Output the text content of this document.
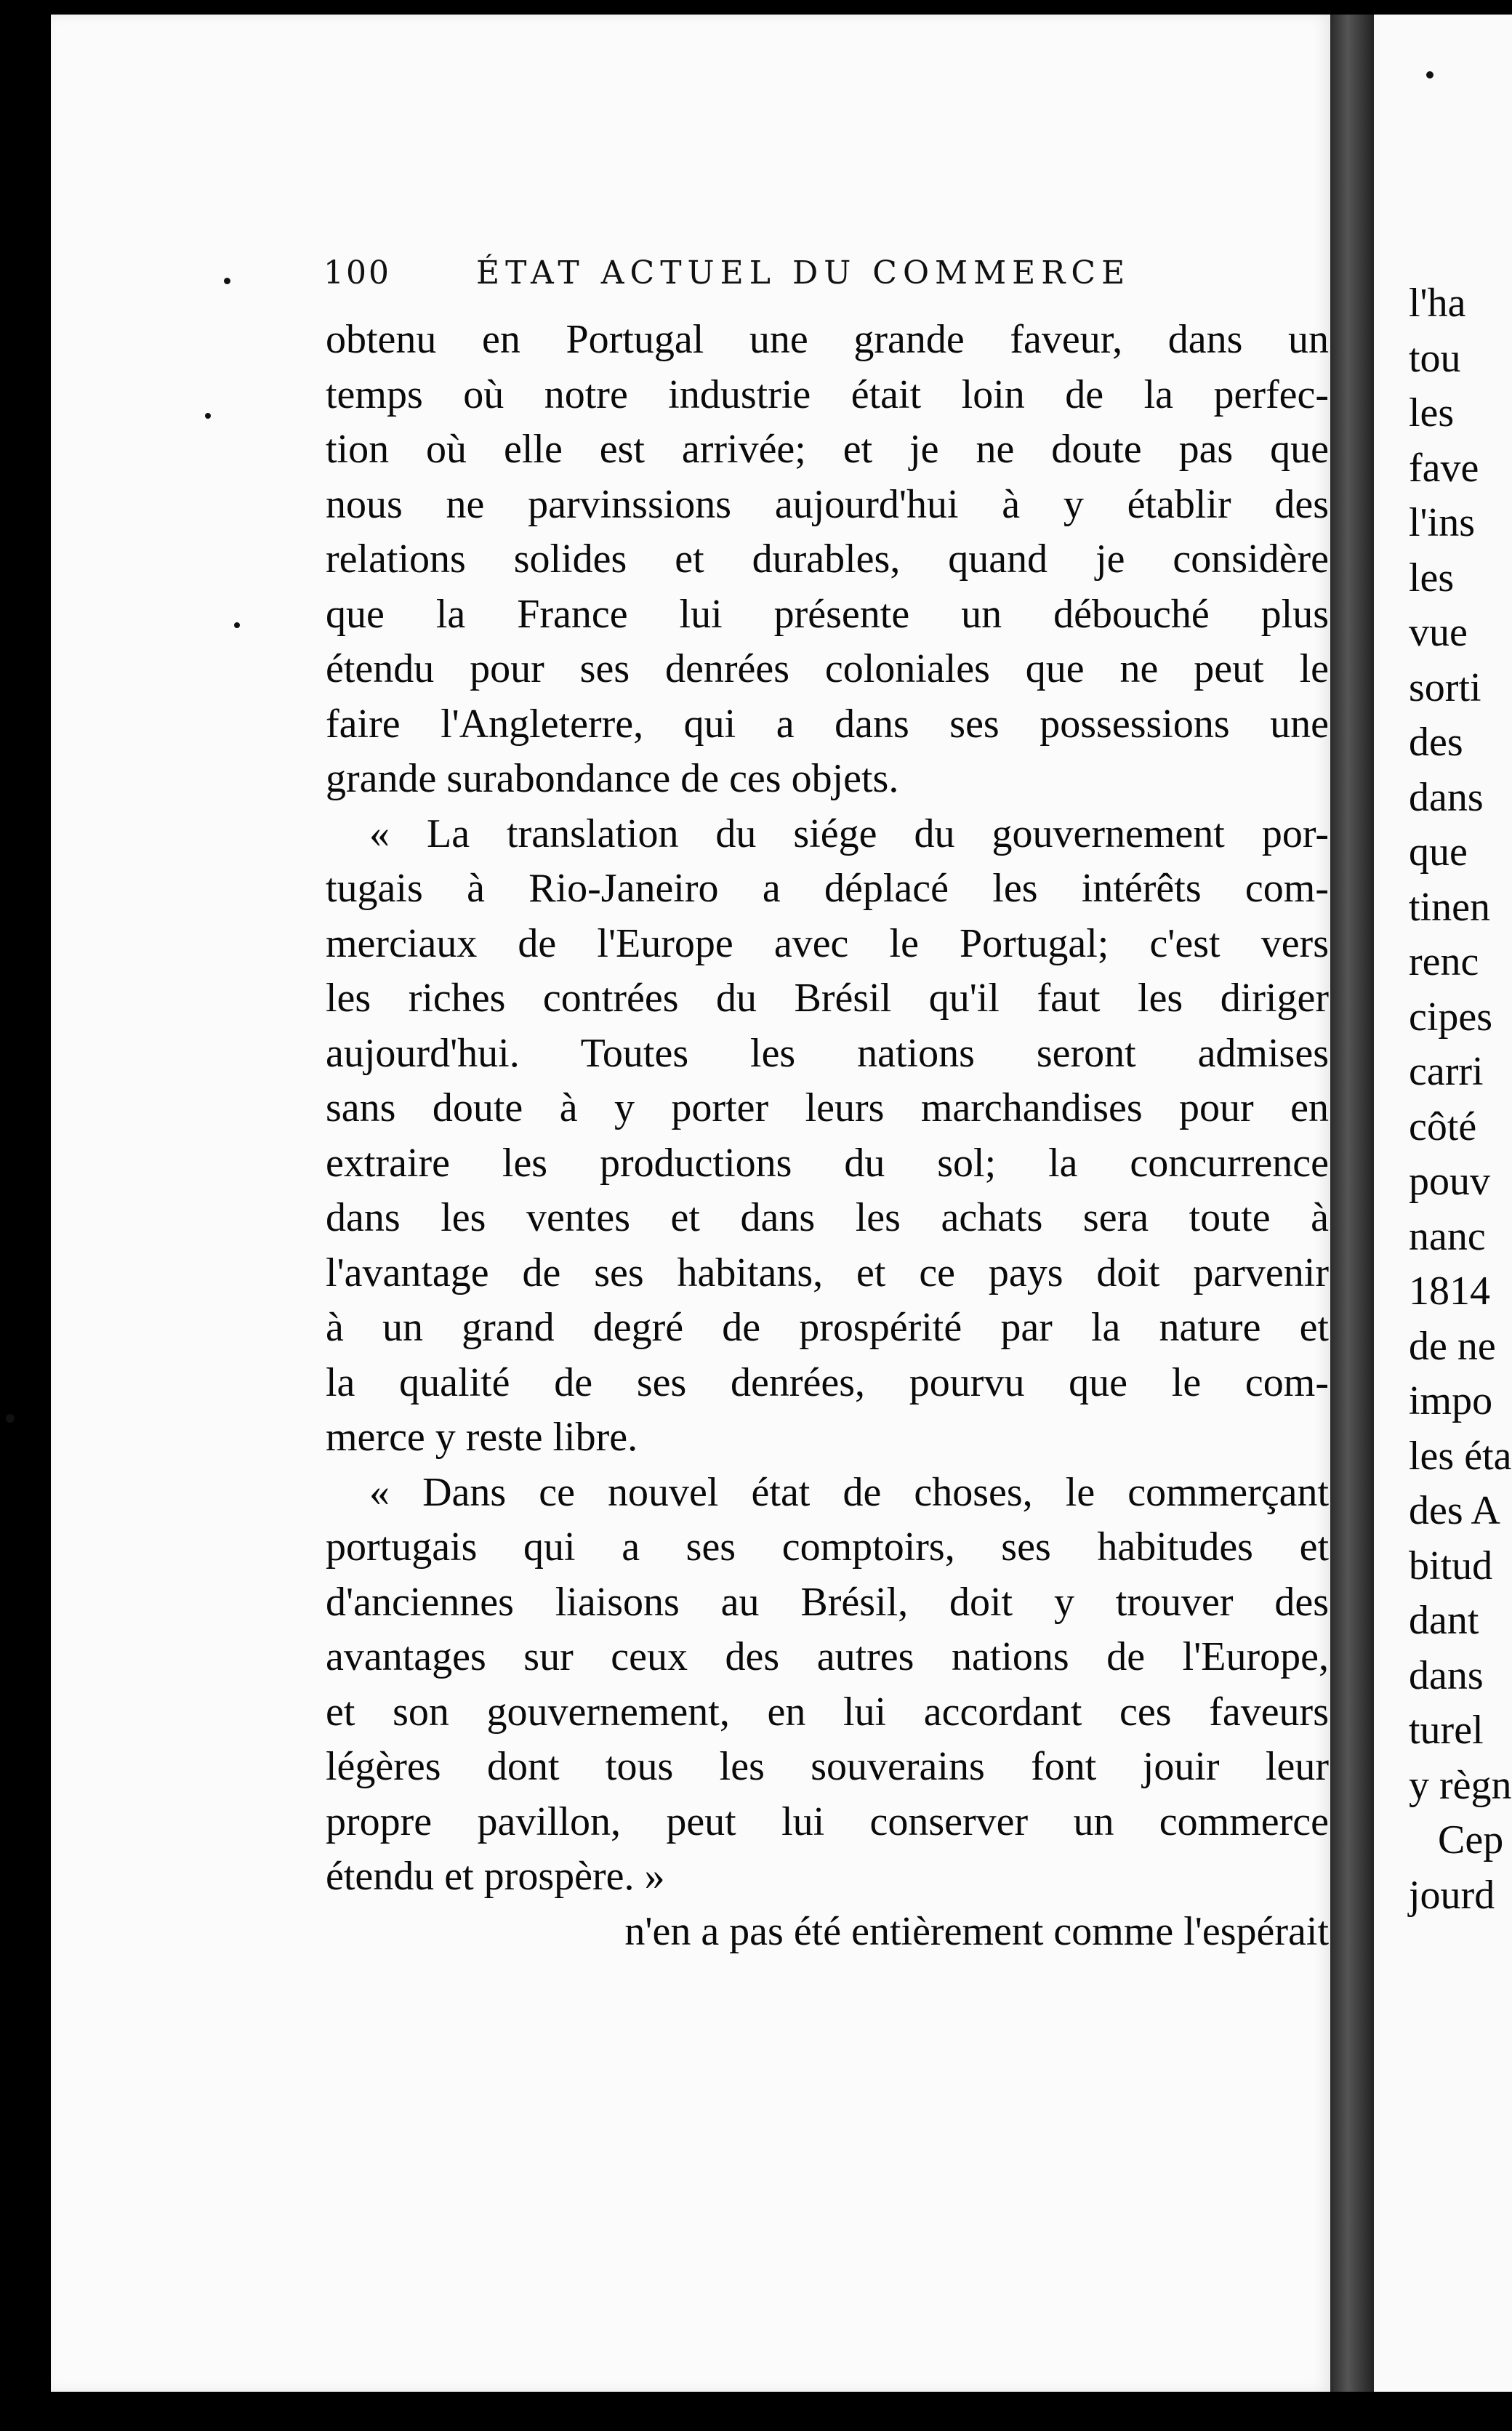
100	ÉTAT ACTUEL DU COMMERCE
obtenu en Portugal une grande faveur, dans un
temps où notre industrie était loin de la perfec-
tion où elle est arrivée; et je ne doute pas que
nous ne parvinssions aujourd'hui à y établir des
relations solides et durables, quand je considère
que la France lui présente un débouché plus
étendu pour ses denrées coloniales que ne peut le
faire l'Angleterre, qui a dans ses possessions une
grande surabondance de ces objets.
« La translation du siége du gouvernement por-
tugais à Rio-Janeiro a déplacé les intérêts com-
merciaux de l'Europe avec le Portugal; c'est vers
les riches contrées du Brésil qu'il faut les diriger
aujourd'hui. Toutes les nations seront admises
sans doute à y porter leurs marchandises pour en
extraire les productions du sol; la concurrence
dans les ventes et dans les achats sera toute à
l'avantage de ses habitans, et ce pays doit parvenir
à un grand degré de prospérité par la nature et
la qualité de ses denrées, pourvu que le com-
merce y reste libre.
« Dans ce nouvel état de choses, le commerçant
portugais qui a ses comptoirs, ses habitudes et
d'anciennes liaisons au Brésil, doit y trouver des
avantages sur ceux des autres nations de l'Europe,
et son gouvernement, en lui accordant ces faveurs
légères dont tous les souverains font jouir leur
propre pavillon, peut lui conserver un commerce
étendu et prospère. »
n'en a pas été entièrement comme l'espérait
l'ha
tou
les
fave
l'ins
les
vue
sorti
des
dans
que
tinen
renc
cipes
carri
côté
pouv
nanc
1814
de ne
impo
les éta
des A
bitud
dant
dans
turel
y règn
Cep
jourd
